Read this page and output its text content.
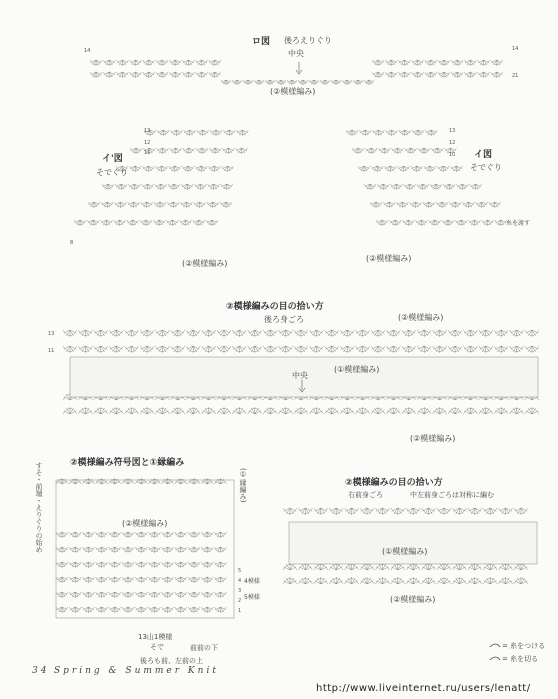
ロ図 後ろえりぐり
中央
(②模様編み)
14	14
21
イ'図
そでぐり
(②模様編み)
13
12
11
8
イ図
そでぐり
(②模様編み)
糸を渡す
13
12
10
②模様編みの目の拾い方
後ろ身ごろ	(②模様編み)
中央
(①模様編み)
(②模様編み)
13
11
②模様編み符号図と①縁編み
すそ・前端・えりぐりの始め	(①縁編み)
(②模様編み)
13山1模様
そで	前前の下
後ろも前、左前の上
5
4
3
2
1
4模様
5模様
②模様編みの目の拾い方
右前身ごろ	中左前身ごろは対称に編む
(①模様編み)
(②模様編み)
= 糸をつける
= 糸を切る
34 Spring & Summer Knit
http://www.liveinternet.ru/users/lenatt/
